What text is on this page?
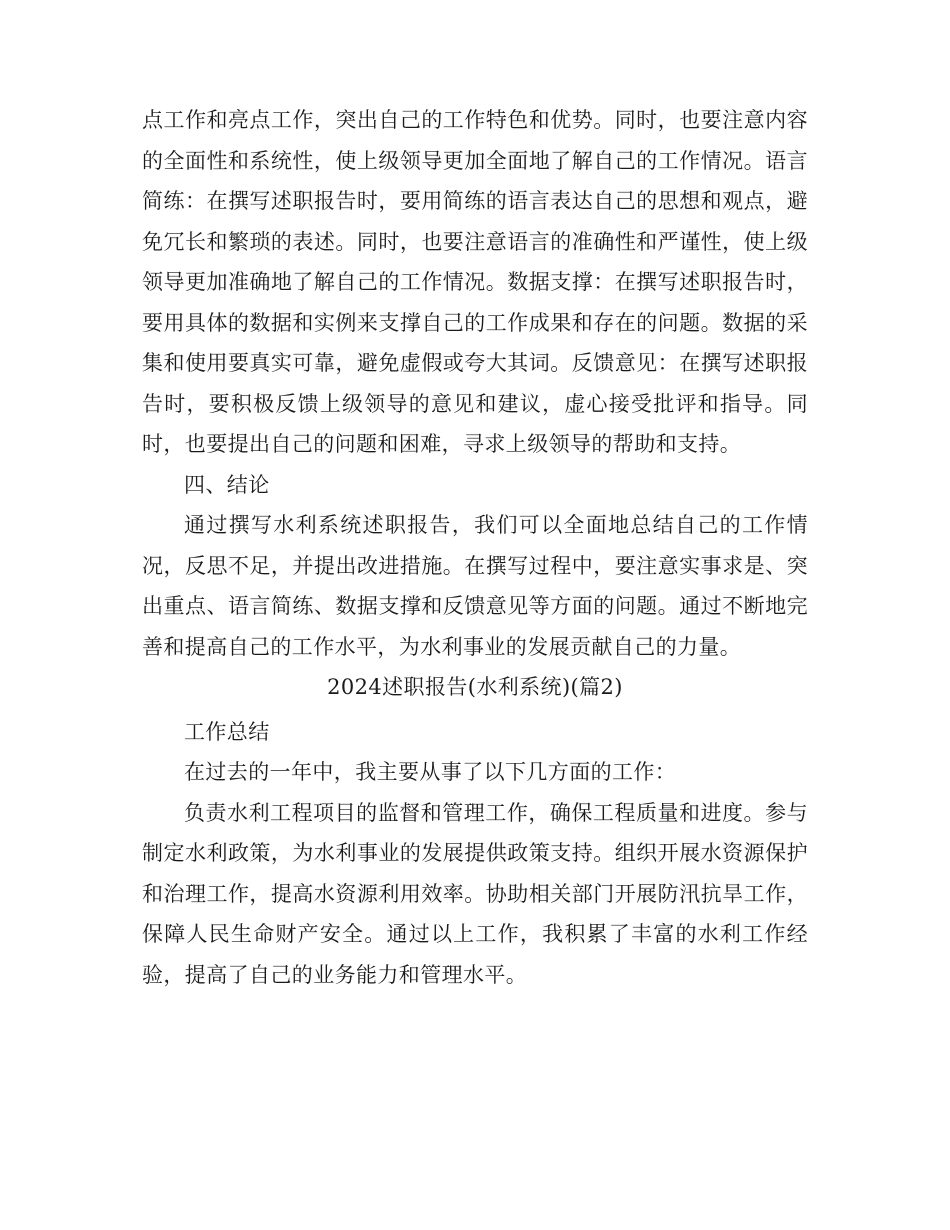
点工作和亮点工作，突出自己的工作特色和优势。同时，也要注意内容的全面性和系统性，使上级领导更加全面地了解自己的工作情况。语言简练：在撰写述职报告时，要用简练的语言表达自己的思想和观点，避免冗长和繁琐的表述。同时，也要注意语言的准确性和严谨性，使上级领导更加准确地了解自己的工作情况。数据支撑：在撰写述职报告时，要用具体的数据和实例来支撑自己的工作成果和存在的问题。数据的采集和使用要真实可靠，避免虚假或夸大其词。反馈意见：在撰写述职报告时，要积极反馈上级领导的意见和建议，虚心接受批评和指导。同时，也要提出自己的问题和困难，寻求上级领导的帮助和支持。

四、结论

通过撰写水利系统述职报告，我们可以全面地总结自己的工作情况，反思不足，并提出改进措施。在撰写过程中，要注意实事求是、突出重点、语言简练、数据支撑和反馈意见等方面的问题。通过不断地完善和提高自己的工作水平，为水利事业的发展贡献自己的力量。

2024述职报告(水利系统)(篇2)

工作总结

在过去的一年中，我主要从事了以下几方面的工作：

负责水利工程项目的监督和管理工作，确保工程质量和进度。参与制定水利政策，为水利事业的发展提供政策支持。组织开展水资源保护和治理工作，提高水资源利用效率。协助相关部门开展防汛抗旱工作，保障人民生命财产安全。通过以上工作，我积累了丰富的水利工作经验，提高了自己的业务能力和管理水平。
